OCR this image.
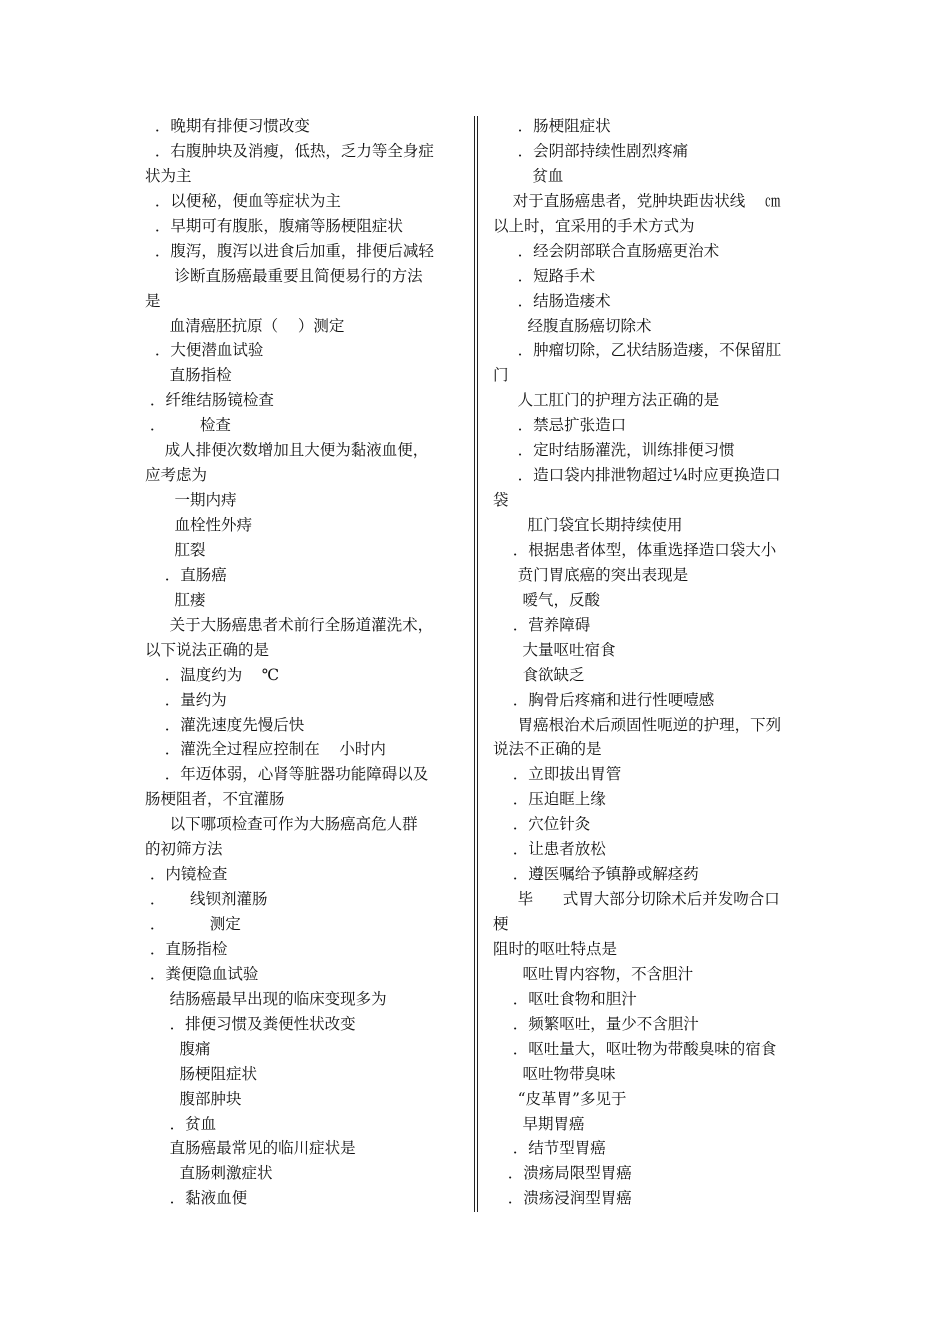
．晚期有排便习惯改变
．右腹肿块及消瘦，低热，乏力等全身症
状为主
．以便秘，便血等症状为主
．早期可有腹胀，腹痛等肠梗阻症状
．腹泻，腹泻以进食后加重，排便后减轻
诊断直肠癌最重要且简便易行的方法
是
血清癌胚抗原（    ）测定
．大便潜血试验
直肠指检
．纤维结肠镜检查
．       检查
成人排便次数增加且大便为黏液血便，
应考虑为
一期内痔
血栓性外痔
肛裂
．直肠癌
肛瘘
关于大肠癌患者术前行全肠道灌洗术，
以下说法正确的是
．温度约为    ℃
．量约为
．灌洗速度先慢后快
．灌洗全过程应控制在    小时内
．年迈体弱，心肾等脏器功能障碍以及
肠梗阻者，不宜灌肠
以下哪项检查可作为大肠癌高危人群
的初筛方法
．内镜检查
．     线钡剂灌肠
．         测定
．直肠指检
．粪便隐血试验
结肠癌最早出现的临床变现多为
．排便习惯及粪便性状改变
腹痛
肠梗阻症状
腹部肿块
．贫血
直肠癌最常见的临川症状是
直肠刺激症状
．黏液血便
．肠梗阻症状
．会阴部持续性剧烈疼痛
贫血
对于直肠癌患者，党肿块距齿状线    ㎝
以上时，宜采用的手术方式为
．经会阴部联合直肠癌更治术
．短路手术
．结肠造瘘术
经腹直肠癌切除术
．肿瘤切除，乙状结肠造瘘，不保留肛
门
人工肛门的护理方法正确的是
．禁忌扩张造口
．定时结肠灌洗，训练排便习惯
．造口袋内排泄物超过¼时应更换造口
袋
肛门袋宜长期持续使用
．根据患者体型，体重选择造口袋大小
贲门胃底癌的突出表现是
嗳气，反酸
．营养障碍
大量呕吐宿食
食欲缺乏
．胸骨后疼痛和进行性哽噎感
胃癌根治术后顽固性呃逆的护理，下列
说法不正确的是
．立即拔出胃管
．压迫眶上缘
．穴位针灸
．让患者放松
．遵医嘱给予镇静或解痉药
毕      式胃大部分切除术后并发吻合口
梗
阻时的呕吐特点是
呕吐胃内容物，不含胆汁
．呕吐食物和胆汁
．频繁呕吐，量少不含胆汁
．呕吐量大，呕吐物为带酸臭味的宿食
呕吐物带臭味
“皮革胃”多见于
早期胃癌
．结节型胃癌
．溃疡局限型胃癌
．溃疡浸润型胃癌
